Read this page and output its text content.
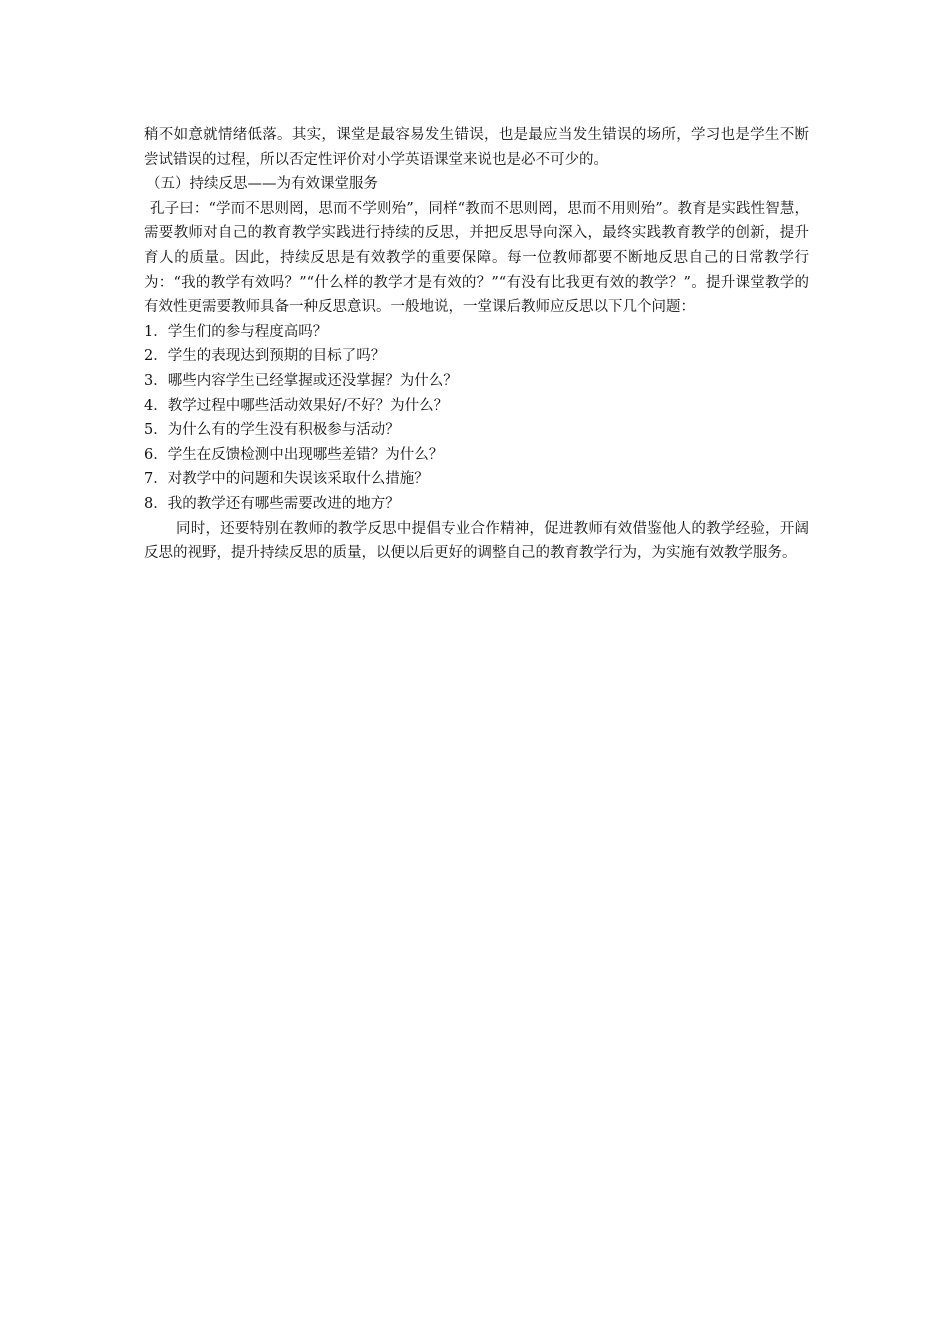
稍不如意就情绪低落。其实，课堂是最容易发生错误，也是最应当发生错误的场所，学习也是学生不断尝试错误的过程，所以否定性评价对小学英语课堂来说也是必不可少的。

（五）持续反思——为有效课堂服务

孔子曰：“学而不思则罔，思而不学则殆”，同样“教而不思则罔，思而不用则殆”。教育是实践性智慧，需要教师对自己的教育教学实践进行持续的反思，并把反思导向深入，最终实践教育教学的创新，提升育人的质量。因此，持续反思是有效教学的重要保障。每一位教师都要不断地反思自己的日常教学行为：“我的教学有效吗？”“什么样的教学才是有效的？”“有没有比我更有效的教学？”。提升课堂教学的有效性更需要教师具备一种反思意识。一般地说，一堂课后教师应反思以下几个问题：

1．学生们的参与程度高吗？
2．学生的表现达到预期的目标了吗？
3．哪些内容学生已经掌握或还没掌握？为什么？
4．教学过程中哪些活动效果好/不好？为什么？
5．为什么有的学生没有积极参与活动？
6．学生在反馈检测中出现哪些差错？为什么？
7．对教学中的问题和失误该采取什么措施？
8．我的教学还有哪些需要改进的地方？

同时，还要特别在教师的教学反思中提倡专业合作精神，促进教师有效借鉴他人的教学经验，开阔反思的视野，提升持续反思的质量，以便以后更好的调整自己的教育教学行为，为实施有效教学服务。
